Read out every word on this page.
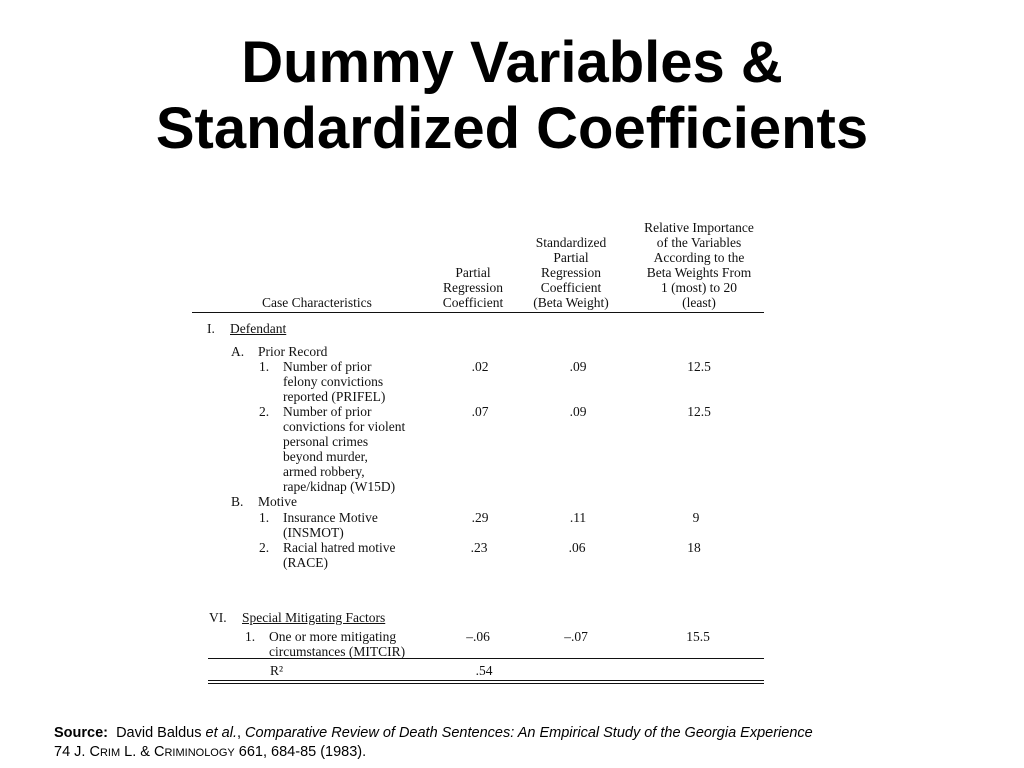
Dummy Variables &
Standardized Coefficients
Partial
Regression
Coefficient
Standardized
Partial
Regression
Coefficient
(Beta Weight)
Relative Importance
of the Variables
According to the
Beta Weights From
1 (most) to 20
(least)
Case Characteristics
I. Defendant
A. Prior Record
1. Number of prior
felony convictions
reported (PRIFEL)
.02	.09	12.5
2. Number of prior
convictions for violent
personal crimes
beyond murder,
armed robbery,
rape/kidnap (W15D)
.07	.09	12.5
B. Motive
1. Insurance Motive
(INSMOT)
.29	.11	9
2. Racial hatred motive
(RACE)
.23	.06	18
VI. Special Mitigating Factors
1. One or more mitigating
circumstances (MITCIR)
–.06	–.07	15.5
R²	.54
Source: David Baldus et al., Comparative Review of Death Sentences: An Empirical Study of the Georgia Experience
74 J. CRIM L. & CRIMINOLOGY 661, 684-85 (1983).
